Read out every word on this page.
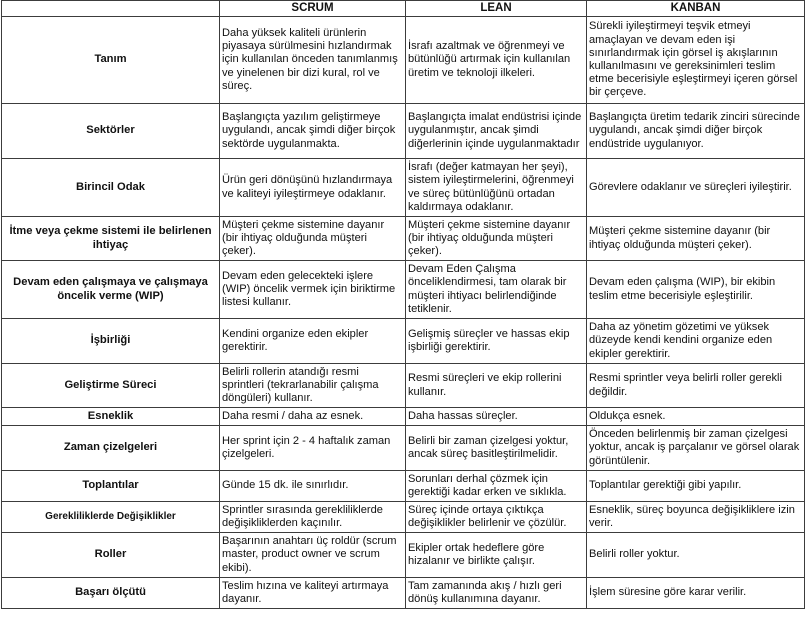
	SCRUM	LEAN	KANBAN
Tanım	Daha yüksek kaliteli ürünlerin piyasaya sürülmesini hızlandırmak için kullanılan önceden tanımlanmış ve yinelenen bir dizi kural, rol ve süreç.	İsrafı azaltmak ve öğrenmeyi ve bütünlüğü artırmak için kullanılan üretim ve teknoloji ilkeleri.	Sürekli iyileştirmeyi teşvik etmeyi amaçlayan ve devam eden işi sınırlandırmak için görsel iş akışlarının kullanılmasını ve gereksinimleri teslim etme becerisiyle eşleştirmeyi içeren görsel bir çerçeve.
Sektörler	Başlangıçta yazılım geliştirmeye uygulandı, ancak şimdi diğer birçok sektörde uygulanmakta.	Başlangıçta imalat endüstrisi içinde uygulanmıştır, ancak şimdi diğerlerinin içinde uygulanmaktadır	Başlangıçta üretim tedarik zinciri sürecinde uygulandı, ancak şimdi diğer birçok endüstride uygulanıyor.
Birincil Odak	Ürün geri dönüşünü hızlandırmaya ve kaliteyi iyileştirmeye odaklanır.	İsrafı (değer katmayan her şeyi), sistem iyileştirmelerini, öğrenmeyi ve süreç bütünlüğünü ortadan kaldırmaya odaklanır.	Görevlere odaklanır ve süreçleri iyileştirir.
İtme veya çekme sistemi ile belirlenen ihtiyaç	Müşteri çekme sistemine dayanır (bir ihtiyaç olduğunda müşteri çeker).	Müşteri çekme sistemine dayanır (bir ihtiyaç olduğunda müşteri çeker).	Müşteri çekme sistemine dayanır (bir ihtiyaç olduğunda müşteri çeker).
Devam eden çalışmaya ve çalışmaya öncelik verme (WIP)	Devam eden gelecekteki işlere (WIP) öncelik vermek için biriktirme listesi kullanır.	Devam Eden Çalışma önceliklendirmesi, tam olarak bir müşteri ihtiyacı belirlendiğinde tetiklenir.	Devam eden çalışma (WIP), bir ekibin teslim etme becerisiyle eşleştirilir.
İşbirliği	Kendini organize eden ekipler gerektirir.	Gelişmiş süreçler ve hassas ekip işbirliği gerektirir.	Daha az yönetim gözetimi ve yüksek düzeyde kendi kendini organize eden ekipler gerektirir.
Geliştirme Süreci	Belirli rollerin atandığı resmi sprintleri (tekrarlanabilir çalışma döngüleri) kullanır.	Resmi süreçleri ve ekip rollerini kullanır.	Resmi sprintler veya belirli roller gerekli değildir.
Esneklik	Daha resmi / daha az esnek.	Daha hassas süreçler.	Oldukça esnek.
Zaman çizelgeleri	Her sprint için 2 - 4 haftalık zaman çizelgeleri.	Belirli bir zaman çizelgesi yoktur, ancak süreç basitleştirilmelidir.	Önceden belirlenmiş bir zaman çizelgesi yoktur, ancak iş parçalanır ve görsel olarak görüntülenir.
Toplantılar	Günde 15 dk. ile sınırlıdır.	Sorunları derhal çözmek için gerektiği kadar erken ve sıklıkla.	Toplantılar gerektiği gibi yapılır.
Gerekliliklerde Değişiklikler	Sprintler sırasında gerekliliklerde değişikliklerden kaçınılır.	Süreç içinde ortaya çıktıkça değişiklikler belirlenir ve çözülür.	Esneklik, süreç boyunca değişikliklere izin verir.
Roller	Başarının anahtarı üç roldür (scrum master, product owner ve scrum ekibi).	Ekipler ortak hedeflere göre hizalanır ve birlikte çalışır.	Belirli roller yoktur.
Başarı ölçütü	Teslim hızına ve kaliteyi artırmaya dayanır.	Tam zamanında akış / hızlı geri dönüş kullanımına dayanır.	İşlem süresine göre karar verilir.
